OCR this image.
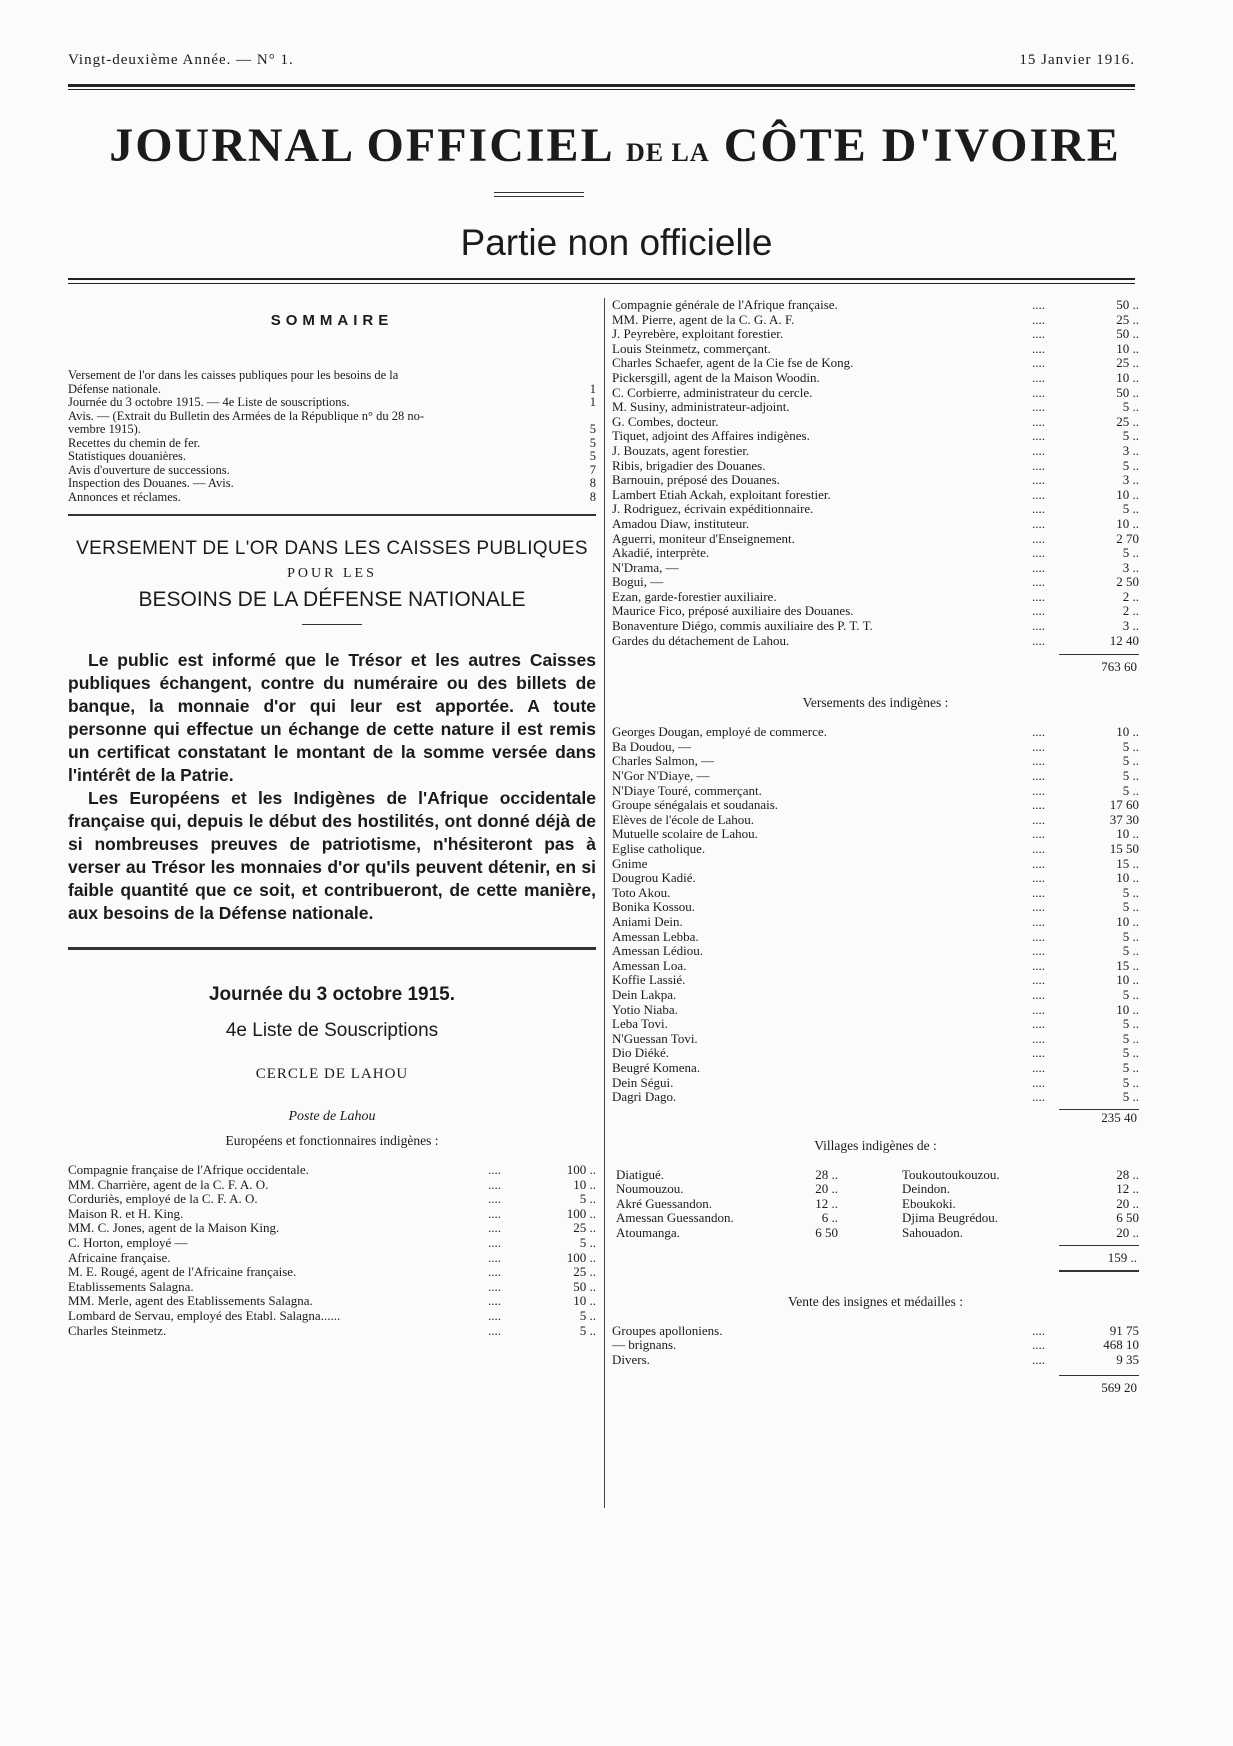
Vingt-deuxième Année. — N° 1.	15 Janvier 1916.
JOURNAL OFFICIEL DE LA CÔTE D'IVOIRE
Partie non officielle
SOMMAIRE
Versement de l'or dans les caisses publiques pour les besoins de la
Défense nationale.	1
Journée du 3 octobre 1915. — 4e Liste de souscriptions.	1
Avis. — (Extrait du Bulletin des Armées de la République n° du 28 no-
vembre 1915).	5
Recettes du chemin de fer.	5
Statistiques douanières.	5
Avis d'ouverture de successions.	7
Inspection des Douanes. — Avis.	8
Annonces et réclames.	8
VERSEMENT DE L'OR DANS LES CAISSES PUBLIQUES
POUR LES
BESOINS DE LA DÉFENSE NATIONALE

Le public est informé que le Trésor et les autres Caisses publiques échangent, contre du numéraire ou des billets de banque, la monnaie d'or qui leur est apportée. A toute personne qui effectue un échange de cette nature il est remis un certificat constatant le montant de la somme versée dans l'intérêt de la Patrie.

Les Européens et les Indigènes de l'Afrique occidentale française qui, depuis le début des hostilités, ont donné déjà de si nombreuses preuves de patriotisme, n'hésiteront pas à verser au Trésor les monnaies d'or qu'ils peuvent détenir, en si faible quantité que ce soit, et contribueront, de cette manière, aux besoins de la Défense nationale.

Journée du 3 octobre 1915.
4e Liste de Souscriptions
CERCLE DE LAHOU
Poste de Lahou
Européens et fonctionnaires indigènes :
Compagnie française de l'Afrique occidentale.	....	100 ..
MM. Charrière, agent de la C. F. A. O.	....	10 ..
Corduriès, employé de la C. F. A. O.	....	5 ..
Maison R. et H. King.	....	100 ..
MM. C. Jones, agent de la Maison King.	....	25 ..
C. Horton, employé —	....	5 ..
Africaine française.	....	100 ..
M. E. Rougé, agent de l'Africaine française.	....	25 ..
Etablissements Salagna.	....	50 ..
MM. Merle, agent des Etablissements Salagna.	....	10 ..
Lombard de Servau, employé des Etabl. Salagna......	....	5 ..
Charles Steinmetz.	....	5 ..
Compagnie générale de l'Afrique française.	....	50 ..
MM. Pierre, agent de la C. G. A. F.	....	25 ..
J. Peyrebère, exploitant forestier.	....	50 ..
Louis Steinmetz, commerçant.	....	10 ..
Charles Schaefer, agent de la Cie fse de Kong.	....	25 ..
Pickersgill, agent de la Maison Woodin.	....	10 ..
C. Corbierre, administrateur du cercle.	....	50 ..
M. Susiny, administrateur-adjoint.	....	5 ..
G. Combes, docteur.	....	25 ..
Tiquet, adjoint des Affaires indigènes.	....	5 ..
J. Bouzats, agent forestier.	....	3 ..
Ribis, brigadier des Douanes.	....	5 ..
Barnouin, préposé des Douanes.	....	3 ..
Lambert Etiah Ackah, exploitant forestier.	....	10 ..
J. Rodriguez, écrivain expéditionnaire.	....	5 ..
Amadou Diaw, instituteur.	....	10 ..
Aguerri, moniteur d'Enseignement.	....	2 70
Akadié, interprète.	....	5 ..
N'Drama, —	....	3 ..
Bogui, —	....	2 50
Ezan, garde-forestier auxiliaire.	....	2 ..
Maurice Fico, préposé auxiliaire des Douanes.	....	2 ..
Bonaventure Diégo, commis auxiliaire des P. T. T.	....	3 ..
Gardes du détachement de Lahou.	....	12 40
763 60
Versements des indigènes :
Georges Dougan, employé de commerce.	....	10 ..
Ba Doudou, —	....	5 ..
Charles Salmon, —	....	5 ..
N'Gor N'Diaye, —	....	5 ..
N'Diaye Touré, commerçant.	....	5 ..
Groupe sénégalais et soudanais.	....	17 60
Elèves de l'école de Lahou.	....	37 30
Mutuelle scolaire de Lahou.	....	10 ..
Eglise catholique.	....	15 50
Gnime	....	15 ..
Dougrou Kadié.	....	10 ..
Toto Akou.	....	5 ..
Bonika Kossou.	....	5 ..
Aniami Dein.	....	10 ..
Amessan Lebba.	....	5 ..
Amessan Lédiou.	....	5 ..
Amessan Loa.	....	15 ..
Koffie Lassié.	....	10 ..
Dein Lakpa.	....	5 ..
Yotio Niaba.	....	10 ..
Leba Tovi.	....	5 ..
N'Guessan Tovi.	....	5 ..
Dio Diéké.	....	5 ..
Beugré Komena.	....	5 ..
Dein Ségui.	....	5 ..
Dagri Dago.	....	5 ..
235 40
Villages indigènes de :
Diatigué.	28 ..	Toukoutoukouzou.	28 ..
Noumouzou.	20 ..	Deindon.	12 ..
Akré Guessandon.	12 ..	Eboukoki.	20 ..
Amessan Guessandon.	6 ..	Djima Beugrédou.	6 50
Atoumanga.	6 50	Sahouadon.	20 ..
159 ..
Vente des insignes et médailles :
Groupes apolloniens.	....	91 75
— brignans.	....	468 10
Divers.	....	9 35
569 20
